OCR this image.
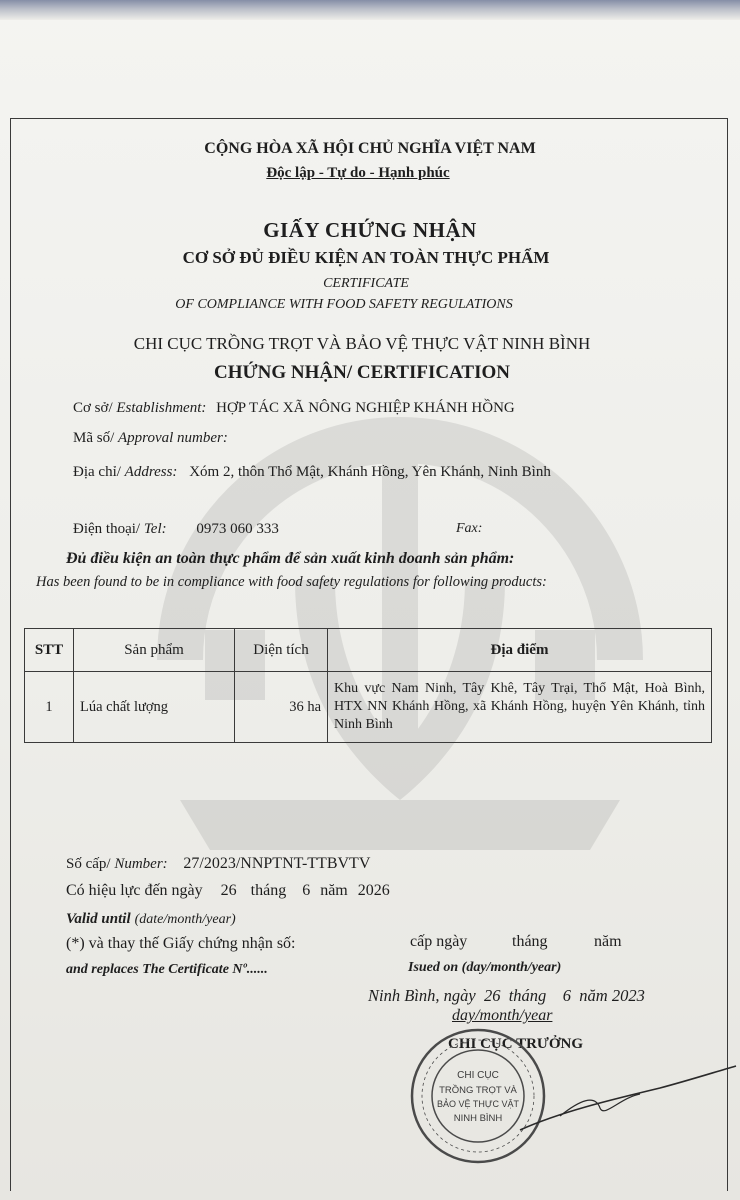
CỘNG HÒA XÃ HỘI CHỦ NGHĨA VIỆT NAM
Độc lập - Tự do - Hạnh phúc
GIẤY CHỨNG NHẬN
CƠ SỞ ĐỦ ĐIỀU KIỆN AN TOÀN THỰC PHẨM
CERTIFICATE
OF COMPLIANCE WITH FOOD SAFETY REGULATIONS
CHI CỤC TRỒNG TRỌT VÀ BẢO VỆ THỰC VẬT NINH BÌNH
CHỨNG NHẬN/ CERTIFICATION
Cơ sở/ Establishment: HỢP TÁC XÃ NÔNG NGHIỆP KHÁNH HỒNG
Mã số/ Approval number:
Địa chỉ/ Address: Xóm 2, thôn Thổ Mật, Khánh Hồng, Yên Khánh, Ninh Bình
Điện thoại/ Tel: 0973 060 333	Fax:
Đủ điều kiện an toàn thực phẩm để sản xuất kinh doanh sản phẩm:
Has been found to be in compliance with food safety regulations for following products:
STT	Sản phẩm	Diện tích	Địa điểm
1	Lúa chất lượng	36 ha	Khu vực Nam Ninh, Tây Khê, Tây Trại, Thổ Mật, Hoà Bình, HTX NN Khánh Hồng, xã Khánh Hồng, huyện Yên Khánh, tỉnh Ninh Bình
Số cấp/ Number: 27/2023/NNPTNT-TTBVTV
Có hiệu lực đến ngày 26 tháng 6 năm 2026
Valid until (date/month/year)
(*) và thay thế Giấy chứng nhận số:	cấp ngày	tháng	năm
and replaces The Certificate Nº......	Isued on (day/month/year)
Ninh Bình, ngày  26  tháng    6  năm 2023
day/month/year
CHI CỤC TRƯỞNG
CHI CỤC
TRỒNG TRỌT VÀ
BẢO VỆ THỰC VẬT
NINH BÌNH
